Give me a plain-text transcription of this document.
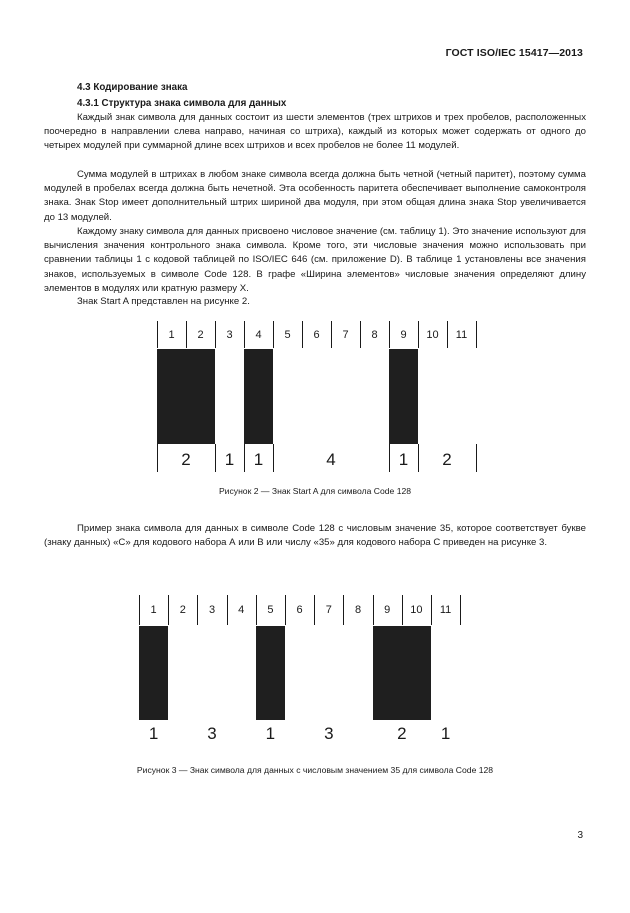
ГОСТ ISO/IEC 15417—2013
4.3 Кодирование знака
4.3.1 Структура знака символа для данных

Каждый знак символа для данных состоит из шести элементов (трех штрихов и трех пробелов, расположенных поочередно в направлении слева направо, начиная со штриха), каждый из которых может содержать от одного до четырех модулей при суммарной длине всех штрихов и всех пробелов не более 11 модулей.

Сумма модулей в штрихах в любом знаке символа всегда должна быть четной (четный паритет), поэтому сумма модулей в пробелах всегда должна быть нечетной. Эта особенность паритета обеспечивает выполнение самоконтроля знака. Знак Stop имеет дополнительный штрих шириной два модуля, при этом общая длина знака Stop увеличивается до 13 модулей.

Каждому знаку символа для данных присвоено числовое значение (см. таблицу 1). Это значение используют для вычисления значения контрольного знака символа. Кроме того, эти числовые значения можно использовать при сравнении таблицы 1 с кодовой таблицей по ISO/IEC 646 (см. приложение D). В таблице 1 установлены все значения знаков, используемых в символе Code 128. В графе «Ширина элементов» числовые значения определяют длину элементов в модулях или кратную размеру X.

Знак Start A представлен на рисунке 2.

Рисунок 2 — Знак Start A для символа Code 128

Пример знака символа для данных в символе Code 128 с числовым значение 35, которое соответствует букве (знаку данных) «С» для кодового набора А или В или числу «35» для кодового набора С приведен на рисунке 3.

Рисунок 3 — Знак символа для данных с числовым значением 35 для символа Code 128
3
1	2	3	4	5	6	7	8	9	10	11
2	1	1	4	1	2
1	2	3	4	5	6	7	8	9	10	11
1	3	1	3	2	1
